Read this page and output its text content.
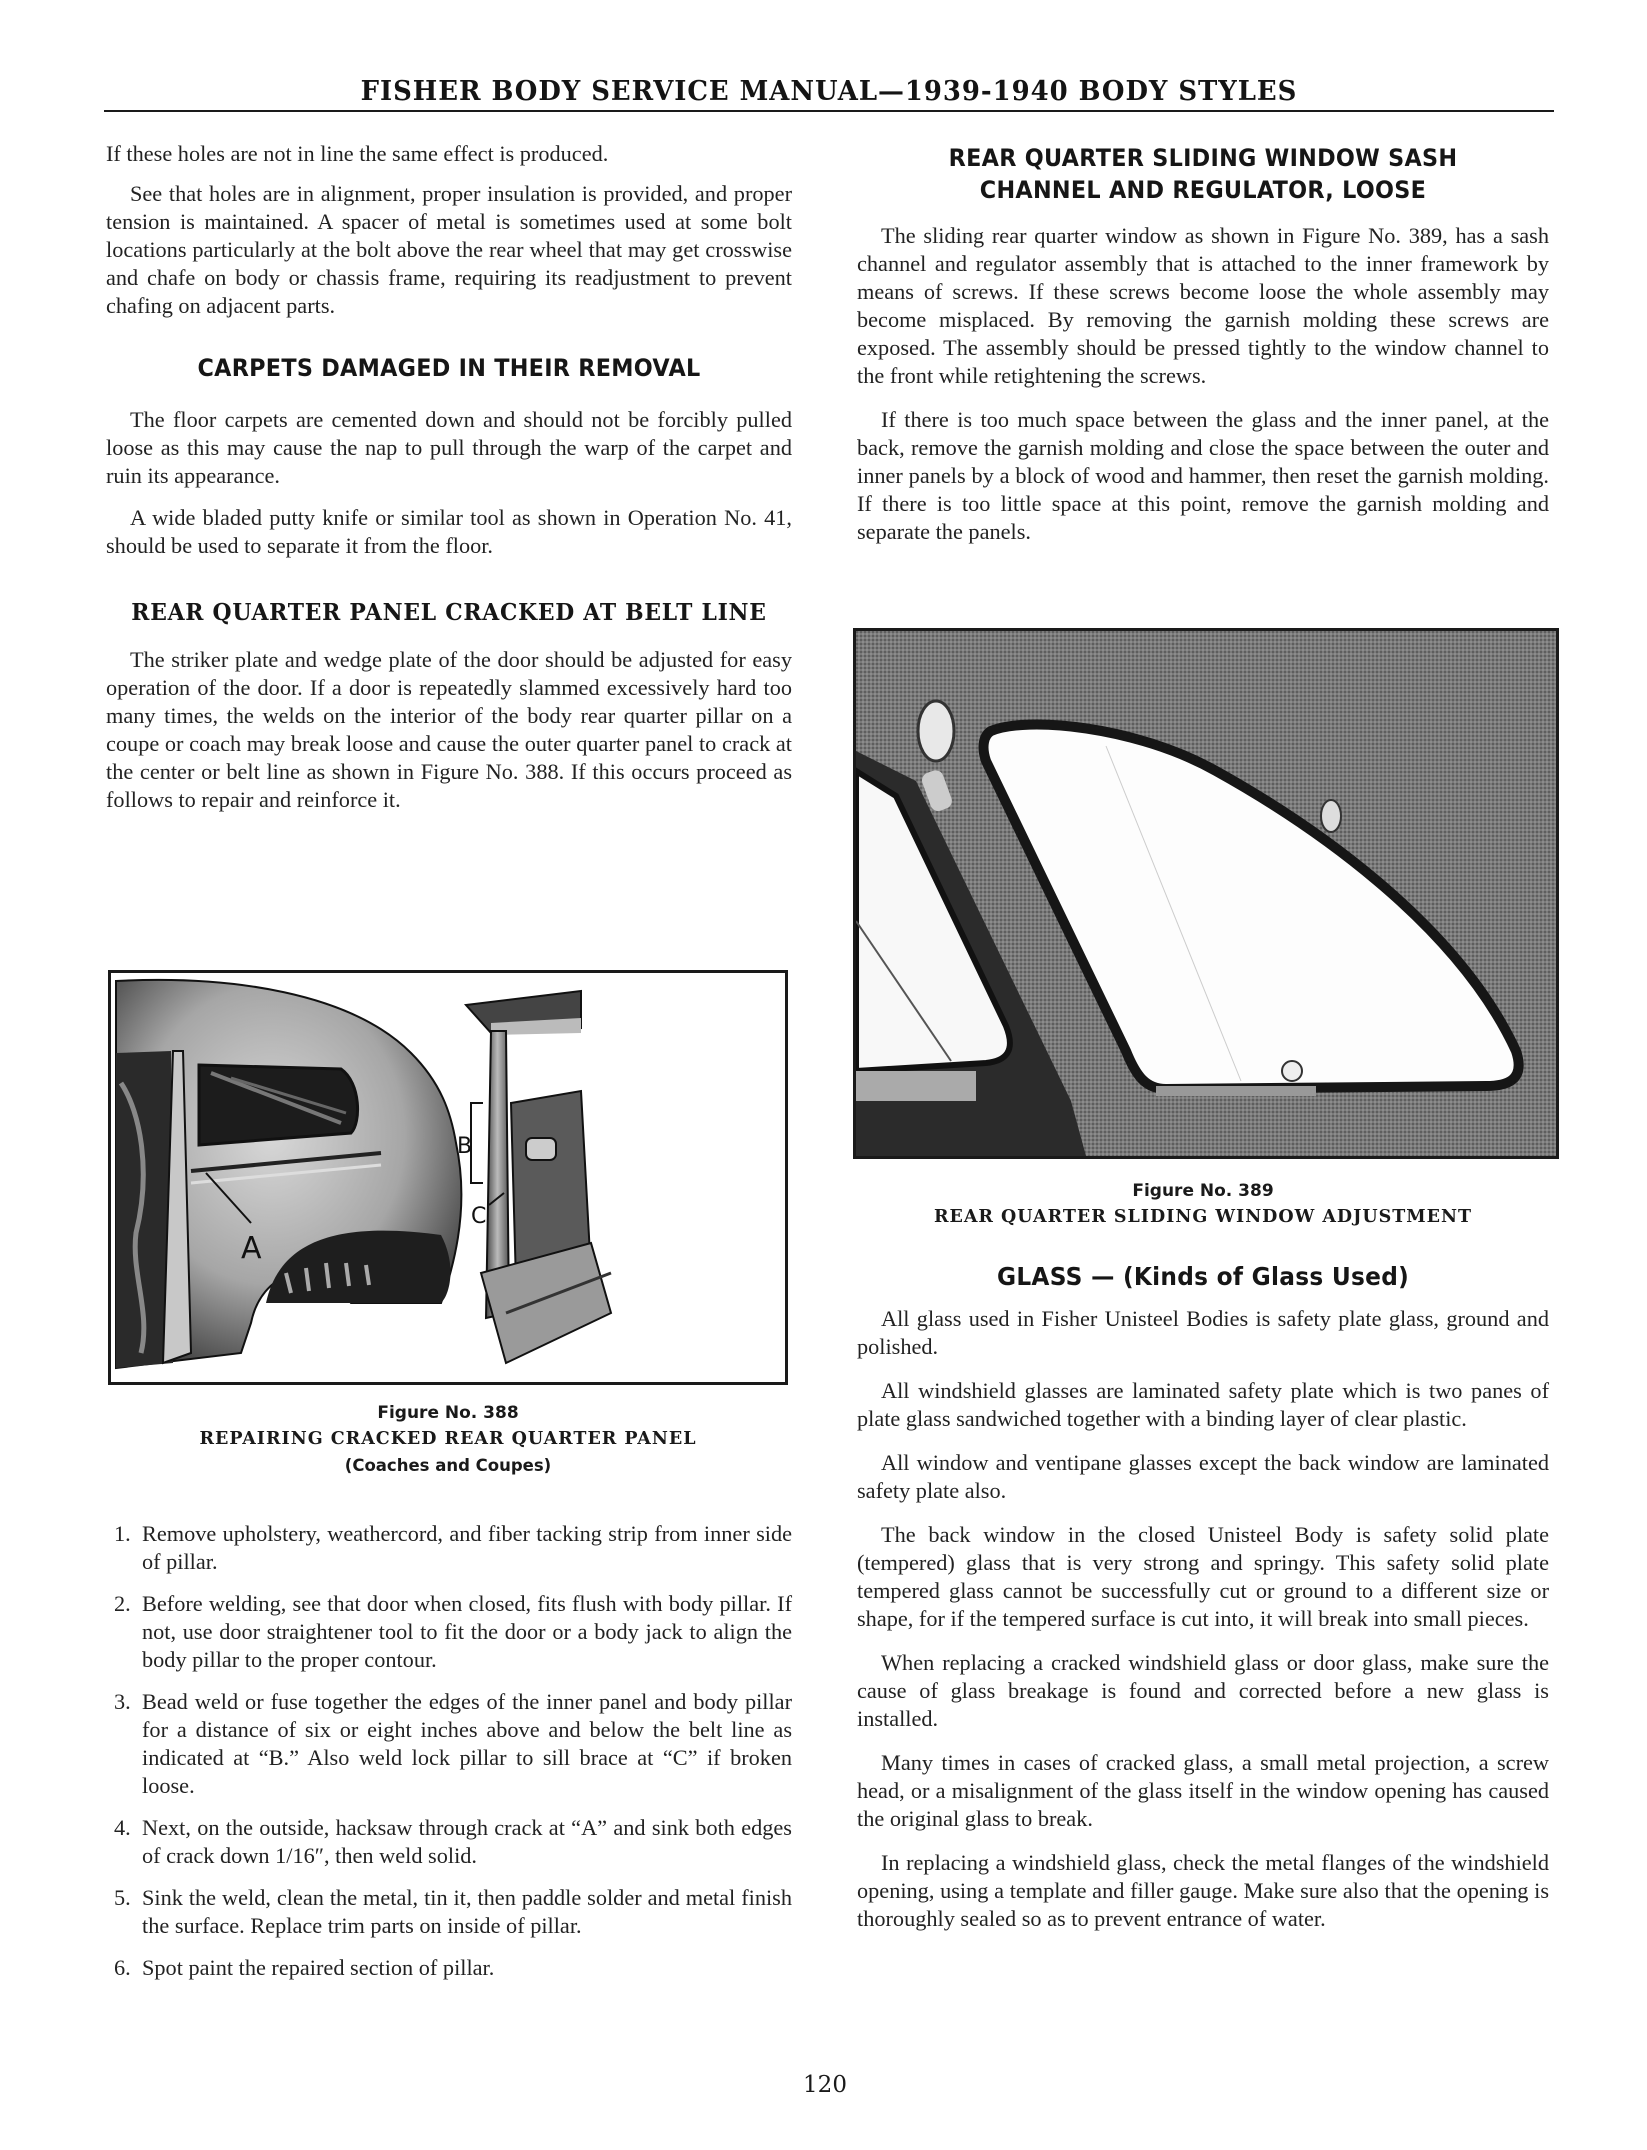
FISHER BODY SERVICE MANUAL—1939-1940 BODY STYLES

If these holes are not in line the same effect is produced.

See that holes are in alignment, proper insulation is provided, and proper tension is maintained. A spacer of metal is sometimes used at some bolt locations particularly at the bolt above the rear wheel that may get crosswise and chafe on body or chassis frame, requiring its readjustment to prevent chafing on adjacent parts.

CARPETS DAMAGED IN THEIR REMOVAL

The floor carpets are cemented down and should not be forcibly pulled loose as this may cause the nap to pull through the warp of the carpet and ruin its appearance.

A wide bladed putty knife or similar tool as shown in Operation No. 41, should be used to separate it from the floor.

REAR QUARTER PANEL CRACKED AT BELT LINE

The striker plate and wedge plate of the door should be adjusted for easy operation of the door. If a door is repeatedly slammed excessively hard too many times, the welds on the interior of the body rear quarter pillar on a coupe or coach may break loose and cause the outer quarter panel to crack at the center or belt line as shown in Figure No. 388. If this occurs proceed as follows to repair and reinforce it.

A
B
C
Figure No. 388
REPAIRING CRACKED REAR QUARTER PANEL
(Coaches and Coupes)
1. Remove upholstery, weathercord, and fiber tacking strip from inner side of pillar.
2. Before welding, see that door when closed, fits flush with body pillar. If not, use door straightener tool to fit the door or a body jack to align the body pillar to the proper contour.
3. Bead weld or fuse together the edges of the inner panel and body pillar for a distance of six or eight inches above and below the belt line as indicated at “B.” Also weld lock pillar to sill brace at “C” if broken loose.
4. Next, on the outside, hacksaw through crack at “A” and sink both edges of crack down 1/16″, then weld solid.
5. Sink the weld, clean the metal, tin it, then paddle solder and metal finish the surface. Replace trim parts on inside of pillar.
6. Spot paint the repaired section of pillar.
REAR QUARTER SLIDING WINDOW SASH
CHANNEL AND REGULATOR, LOOSE

The sliding rear quarter window as shown in Figure No. 389, has a sash channel and regulator assembly that is attached to the inner framework by means of screws. If these screws become loose the whole assembly may become misplaced. By removing the garnish molding these screws are exposed. The assembly should be pressed tightly to the window channel to the front while retightening the screws.

If there is too much space between the glass and the inner panel, at the back, remove the garnish molding and close the space between the outer and inner panels by a block of wood and hammer, then reset the garnish molding. If there is too little space at this point, remove the garnish molding and separate the panels.

Figure No. 389
REAR QUARTER SLIDING WINDOW ADJUSTMENT
GLASS — (Kinds of Glass Used)

All glass used in Fisher Unisteel Bodies is safety plate glass, ground and polished.

All windshield glasses are laminated safety plate which is two panes of plate glass sandwiched together with a binding layer of clear plastic.

All window and ventipane glasses except the back window are laminated safety plate also.

The back window in the closed Unisteel Body is safety solid plate (tempered) glass that is very strong and springy. This safety solid plate tempered glass cannot be successfully cut or ground to a different size or shape, for if the tempered surface is cut into, it will break into small pieces.

When replacing a cracked windshield glass or door glass, make sure the cause of glass breakage is found and corrected before a new glass is installed.

Many times in cases of cracked glass, a small metal projection, a screw head, or a misalignment of the glass itself in the window opening has caused the original glass to break.

In replacing a windshield glass, check the metal flanges of the windshield opening, using a template and filler gauge. Make sure also that the opening is thoroughly sealed so as to prevent entrance of water.

120
